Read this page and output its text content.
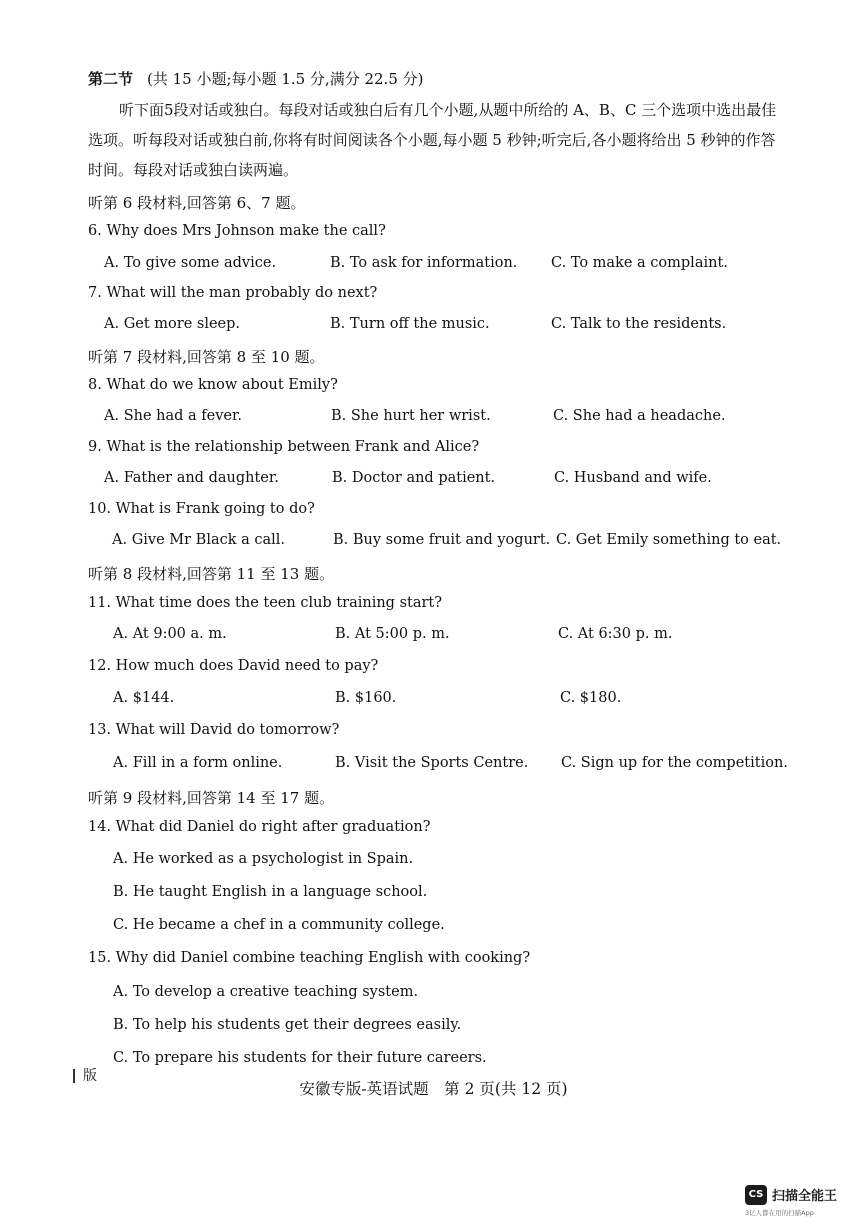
第二节 (共 15 小题;每小题 1.5 分,满分 22.5 分)

听下面5段对话或独白。每段对话或独白后有几个小题,从题中所给的 A、B、C 三个选项中选出最佳选项。听每段对话或独白前,你将有时间阅读各个小题,每小题 5 秒钟;听完后,各小题将给出 5 秒钟的作答时间。每段对话或独白读两遍。

听第 6 段材料,回答第 6、7 题。
6. Why does Mrs Johnson make the call?
A. To give some advice.	B. To ask for information. C. To make a complaint.
7. What will the man probably do next?
A. Get more sleep.	B. Turn off the music.	C. Talk to the residents.
听第 7 段材料,回答第 8 至 10 题。
8. What do we know about Emily?
A. She had a fever.	B. She hurt her wrist.	C. She had a headache.
9. What is the relationship between Frank and Alice?
A. Father and daughter.	B. Doctor and patient.	C. Husband and wife.
10. What is Frank going to do?
A. Give Mr Black a call.	B. Buy some fruit and yogurt. C. Get Emily something to eat.
听第 8 段材料,回答第 11 至 13 题。
11. What time does the teen club training start?
A. At 9:00 a. m.	B. At 5:00 p. m.	C. At 6:30 p. m.
12. How much does David need to pay?
A. $144.	B. $160.	C. $180.
13. What will David do tomorrow?
A. Fill in a form online.	B. Visit the Sports Centre. C. Sign up for the competition.
听第 9 段材料,回答第 14 至 17 题。
14. What did Daniel do right after graduation?
A. He worked as a psychologist in Spain.
B. He taught English in a language school.
C. He became a chef in a community college.
15. Why did Daniel combine teaching English with cooking?
A. To develop a creative teaching system.
B. To help his students get their degrees easily.
C. To prepare his students for their future careers.
版
安徽专版-英语试题　第 2 页(共 12 页)
CS 扫描全能王
3亿人都在用的扫描App
